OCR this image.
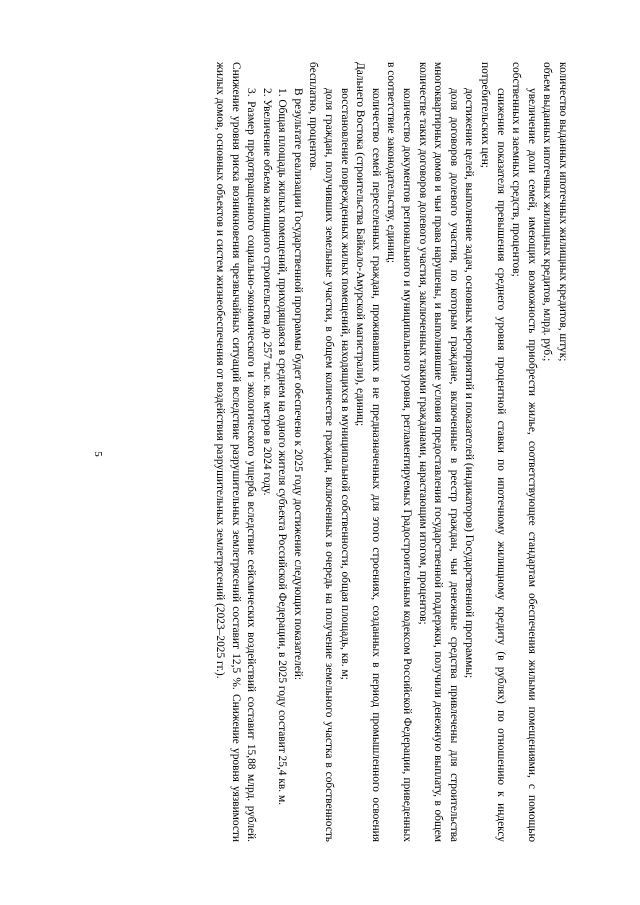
5

количество выданных ипотечных жилищных кредитов, штук;

объем выданных ипотечных жилищных кредитов, млрд. руб.;

увеличение доли семей, имеющих возможность приобрести жилье, соответствующее стандартам обеспечения жилыми помещениями, с помощью собственных и заемных средств, процентов;

снижение показателя превышения среднего уровня процентной ставки по ипотечному жилищному кредиту (в рублях) по отношению к индексу потребительских цен;

достижение целей, выполнение задач, основных мероприятий и показателей (индикаторов) Государственной программы;

доля договоров долевого участия, по которым граждане, включенные в реестр граждан, чьи денежные средства привлечены для строительства многоквартирных домов и чьи права нарушены, и выполнившие условия предоставления государственной поддержки, получили денежную выплату, в общем количестве таких договоров долевого участия, заключенных такими гражданами, нарастающим итогом, процентов;

количество документов регионального и муниципального уровня, регламентируемых Градостроительным кодексом Российской Федерации, приведенных в соответствие законодательству, единиц;

количество семей переселенных граждан, проживавших в не предназначенных для этого строениях, созданных в период промышленного освоения Дальнего Востока (строительства Байкало-Амурской магистрали), единиц;

восстановление поврежденных жилых помещений, находящихся в муниципальной собственности, общая площадь, кв. м;

доля граждан, получивших земельные участки, в общем количестве граждан, включенных в очередь на получение земельного участка в собственность бесплатно, процентов.

В результате реализации Государственной программы будет обеспечено к 2025 году достижение следующих показателей:

1. Общая площадь жилых помещений, приходящаяся в среднем на одного жителя субъекта Российской Федерации, в 2025 году составит 25,4 кв. м.

2. Увеличение объема жилищного строительства до 257 тыс. кв. метров в 2024 году.

3. Размер предотвращенного социально-экономического и экологического ущерба вследствие сейсмических воздействий составит 15,88 млрд. рублей. Снижение уровня риска возникновения чрезвычайных ситуаций вследствие разрушительных землетрясений составит 12,5 %. Снижение уровня уязвимости жилых домов, основных объектов и систем жизнеобеспечения от воздействия разрушительных землетрясений (2023–2025 гг.).
